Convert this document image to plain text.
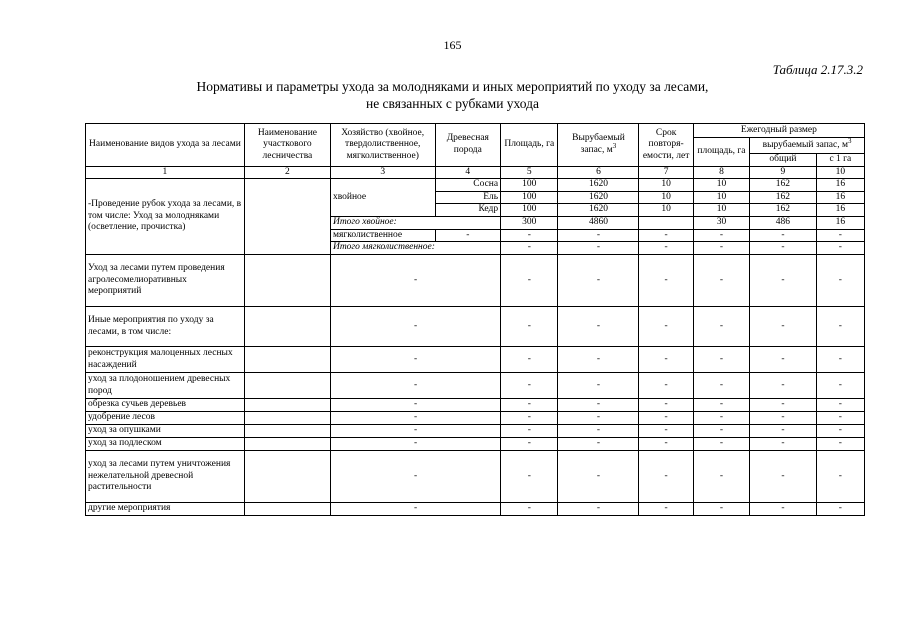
165
Таблица 2.17.3.2
Нормативы и параметры ухода за молодняками и иных мероприятий по уходу за лесами,
не связанных с рубками ухода
Наименование видов ухода за лесами	Наименование участкового лесничества	Хозяйство (хвойное, твердолиственное, мягколиственное)	Древесная порода	Площадь, га	Вырубаемый запас, $м^3$	Срок повторя-емости, лет	Ежегодный размер		
							площадь, га	вырубаемый запас, $м^3$
								общий	с 1 га
1	2	3	4	5	6	7	8	9	10
-Проведение рубок ухода за лесами, в том числе: Уход за молодняками (осветление, прочистка)		хвойное	Сосна	100	1620	10	10	162	16
			Ель	100	1620	10	10	162	16
			Кедр	100	1620	10	10	162	16
		Итого хвойное:		300	4860		30	486	16
		мягколиственное	-	-	-	-	-	-	-
		Итого мягколиственное:		-	-	-	-	-	-
Уход за лесами путем проведения агролесомелиоративных мероприятий		-		-	-	-	-	-	-
Иные мероприятия по уходу за лесами, в том числе:		-		-	-	-	-	-	-
реконструкция малоценных лесных насаждений		-		-	-	-	-	-	-
уход за плодоношением древесных пород		-		-	-	-	-	-	-
обрезка сучьев деревьев		-		-	-	-	-	-	-
удобрение лесов		-		-	-	-	-	-	-
уход за опушками		-		-	-	-	-	-	-
уход за подлеском		-		-	-	-	-	-	-
уход за лесами путем уничтожения нежелательной древесной растительности		-		-	-	-	-	-	-
другие мероприятия		-		-	-	-	-	-	-
